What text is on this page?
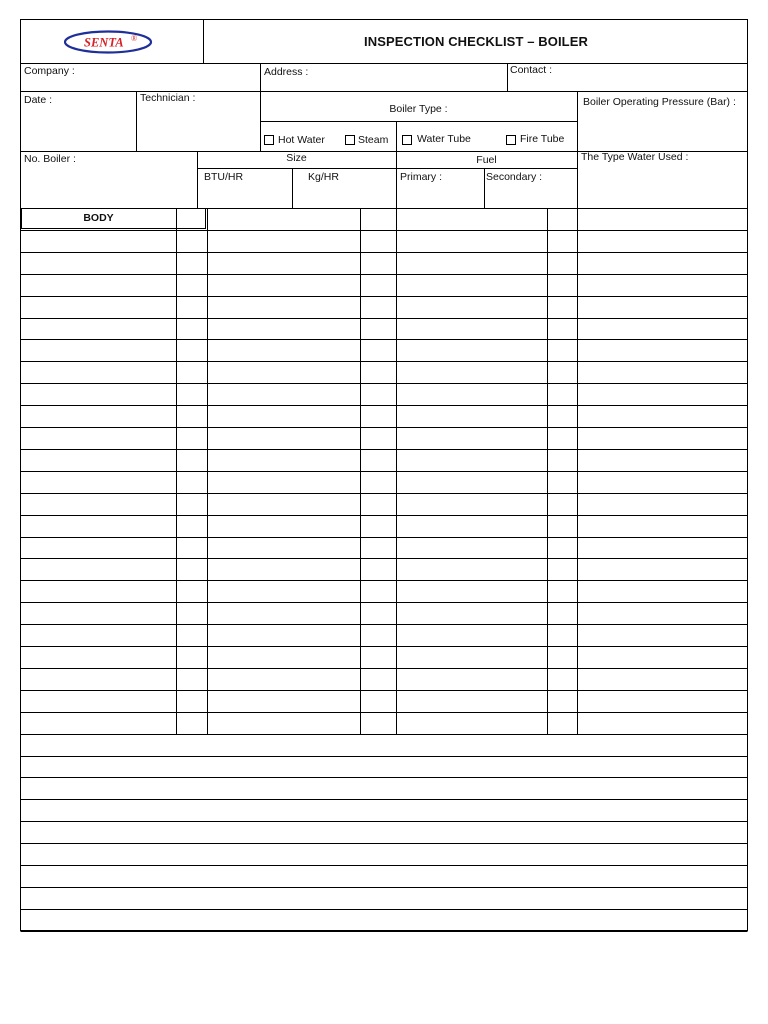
SENTA ®	INSPECTION CHECKLIST – BOILER
Company :	Address :	Contact :
Date :	Technician :
Boiler Type :
Boiler Operating Pressure (Bar) :
Hot Water	Steam	Water Tube	Fire Tube
No. Boiler :	Size	Fuel	The Type Water Used :
BTU/HR	Kg/HR	Primary :	Secondary :
BODY
